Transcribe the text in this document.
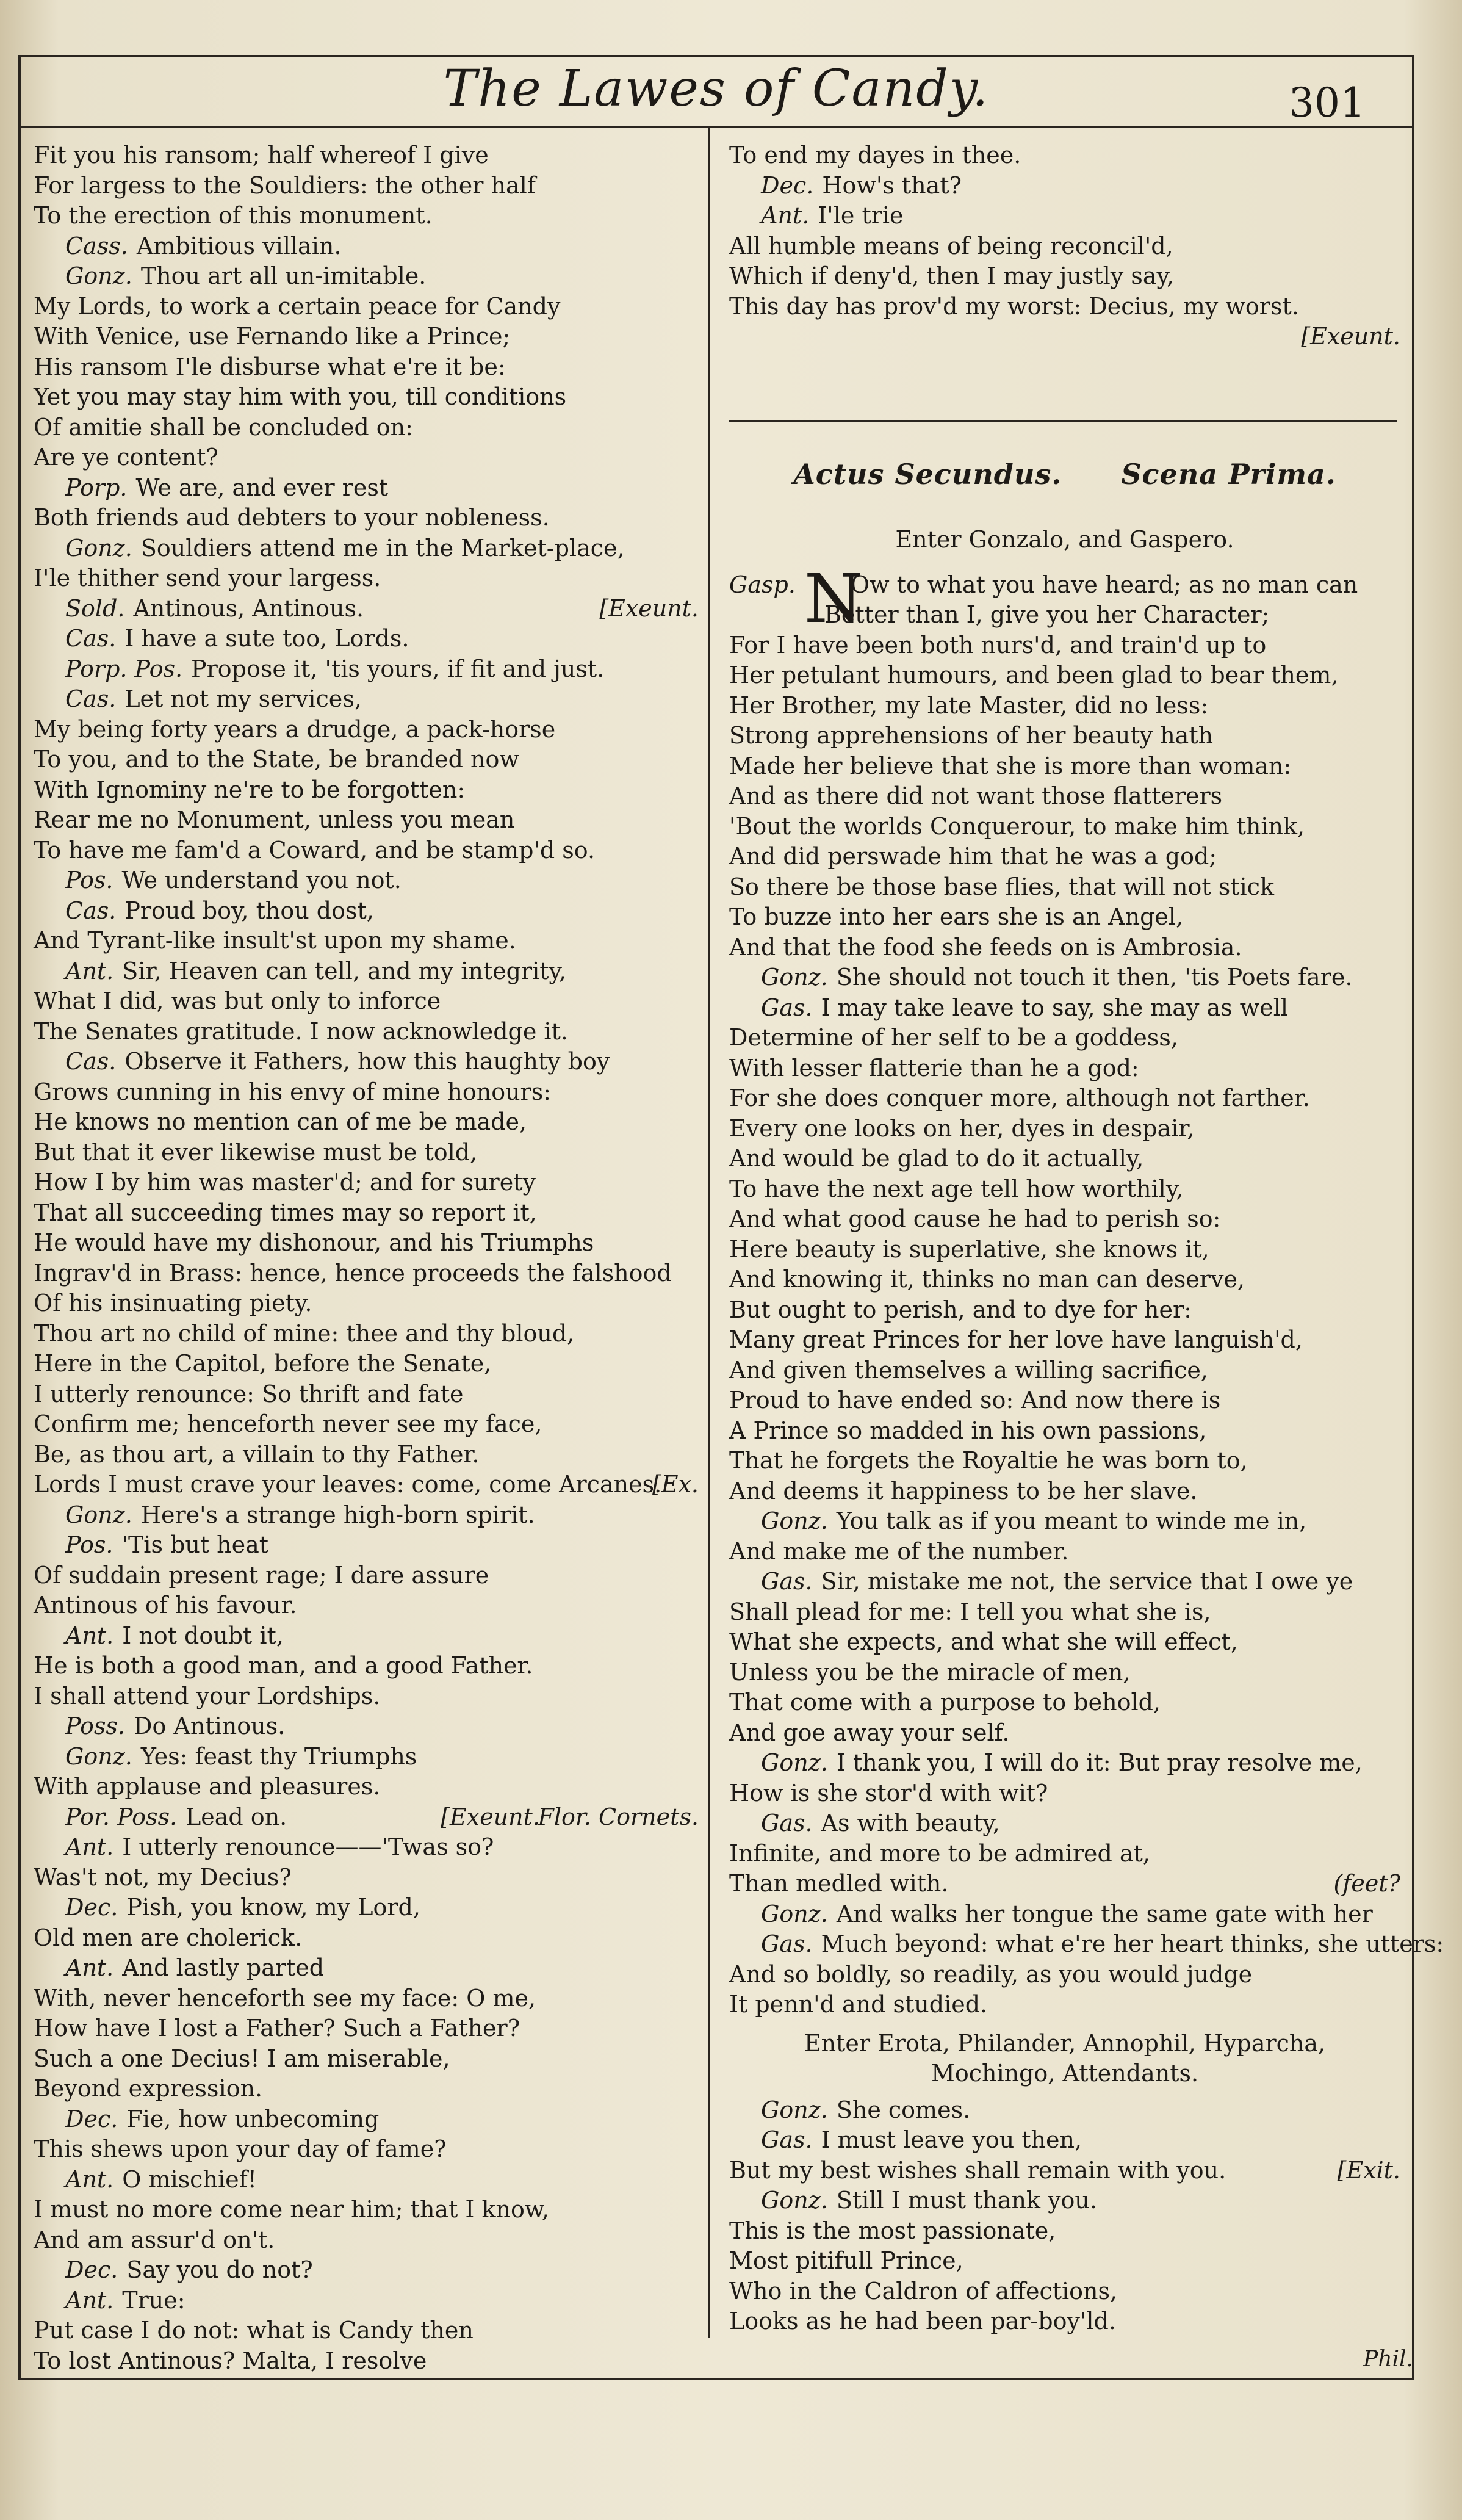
The Lawes of Candy.	301
Fit you his ransom; half whereof I give
For largess to the Souldiers: the other half
To the erection of this monument.
Cass. Ambitious villain.
Gonz. Thou art all un-imitable.
My Lords, to work a certain peace for Candy
With Venice, use Fernando like a Prince;
His ransom I'le disburse what e're it be:
Yet you may stay him with you, till conditions
Of amitie shall be concluded on:
Are ye content?
Porp. We are, and ever rest
Both friends aud debters to your nobleness.
Gonz. Souldiers attend me in the Market-place,
I'le thither send your largess.
Sold. Antinous, Antinous.	[Exeunt.
Cas. I have a sute too, Lords.
Porp. Pos. Propose it, 'tis yours, if fit and just.
Cas. Let not my services,
My being forty years a drudge, a pack-horse
To you, and to the State, be branded now
With Ignominy ne're to be forgotten:
Rear me no Monument, unless you mean
To have me fam'd a Coward, and be stamp'd so.
Pos. We understand you not.
Cas. Proud boy, thou dost,
And Tyrant-like insult'st upon my shame.
Ant. Sir, Heaven can tell, and my integrity,
What I did, was but only to inforce
The Senates gratitude. I now acknowledge it.
Cas. Observe it Fathers, how this haughty boy
Grows cunning in his envy of mine honours:
He knows no mention can of me be made,
But that it ever likewise must be told,
How I by him was master'd; and for surety
That all succeeding times may so report it,
He would have my dishonour, and his Triumphs
Ingrav'd in Brass: hence, hence proceeds the falshood
Of his insinuating piety.
Thou art no child of mine: thee and thy bloud,
Here in the Capitol, before the Senate,
I utterly renounce: So thrift and fate
Confirm me; henceforth never see my face,
Be, as thou art, a villain to thy Father.
Lords I must crave your leaves: come, come Arcanes.
[Ex.
Gonz. Here's a strange high-born spirit.
Pos. 'Tis but heat
Of suddain present rage; I dare assure
Antinous of his favour.
Ant. I not doubt it,
He is both a good man, and a good Father.
I shall attend your Lordships.
Poss. Do Antinous.
Gonz. Yes: feast thy Triumphs
With applause and pleasures.
Por. Poss. Lead on.	[Exeunt.
Flor. Cornets.
Ant. I utterly renounce——'Twas so?
Was't not, my Decius?
Dec. Pish, you know, my Lord,
Old men are cholerick.
Ant. And lastly parted
With, never henceforth see my face: O me,
How have I lost a Father? Such a Father?
Such a one Decius! I am miserable,
Beyond expression.
Dec. Fie, how unbecoming
This shews upon your day of fame?
Ant. O mischief!
I must no more come near him; that I know,
And am assur'd on't.
Dec. Say you do not?
Ant. True:
Put case I do not: what is Candy then
To lost Antinous? Malta, I resolve
To end my dayes in thee.
Dec. How's that?
Ant. I'le trie
All humble means of being reconcil'd,
Which if deny'd, then I may justly say,
This day has prov'd my worst: Decius, my worst.
[Exeunt.
Actus Secundus. Scena Prima.
Enter Gonzalo, and Gaspero.
Gasp. NOw to what you have heard; as no man can
Better than I, give you her Character;
For I have been both nurs'd, and train'd up to
Her petulant humours, and been glad to bear them,
Her Brother, my late Master, did no less:
Strong apprehensions of her beauty hath
Made her believe that she is more than woman:
And as there did not want those flatterers
'Bout the worlds Conquerour, to make him think,
And did perswade him that he was a god;
So there be those base flies, that will not stick
To buzze into her ears she is an Angel,
And that the food she feeds on is Ambrosia.
Gonz. She should not touch it then, 'tis Poets fare.
Gas. I may take leave to say, she may as well
Determine of her self to be a goddess,
With lesser flatterie than he a god:
For she does conquer more, although not farther.
Every one looks on her, dyes in despair,
And would be glad to do it actually,
To have the next age tell how worthily,
And what good cause he had to perish so:
Here beauty is superlative, she knows it,
And knowing it, thinks no man can deserve,
But ought to perish, and to dye for her:
Many great Princes for her love have languish'd,
And given themselves a willing sacrifice,
Proud to have ended so: And now there is
A Prince so madded in his own passions,
That he forgets the Royaltie he was born to,
And deems it happiness to be her slave.
Gonz. You talk as if you meant to winde me in,
And make me of the number.
Gas. Sir, mistake me not, the service that I owe ye
Shall plead for me: I tell you what she is,
What she expects, and what she will effect,
Unless you be the miracle of men,
That come with a purpose to behold,
And goe away your self.
Gonz. I thank you, I will do it: But pray resolve me,
How is she stor'd with wit?
Gas. As with beauty,
Infinite, and more to be admired at,
Than medled with.	(feet?
Gonz. And walks her tongue the same gate with her
Gas. Much beyond: what e're her heart thinks, she utters:
And so boldly, so readily, as you would judge
It penn'd and studied.
Enter Erota, Philander, Annophil, Hyparcha,
Mochingo, Attendants.
Gonz. She comes.
Gas. I must leave you then,
But my best wishes shall remain with you.	[Exit.
Gonz. Still I must thank you.
This is the most passionate,
Most pitifull Prince,
Who in the Caldron of affections,
Looks as he had been par-boy'ld.
Phil.
